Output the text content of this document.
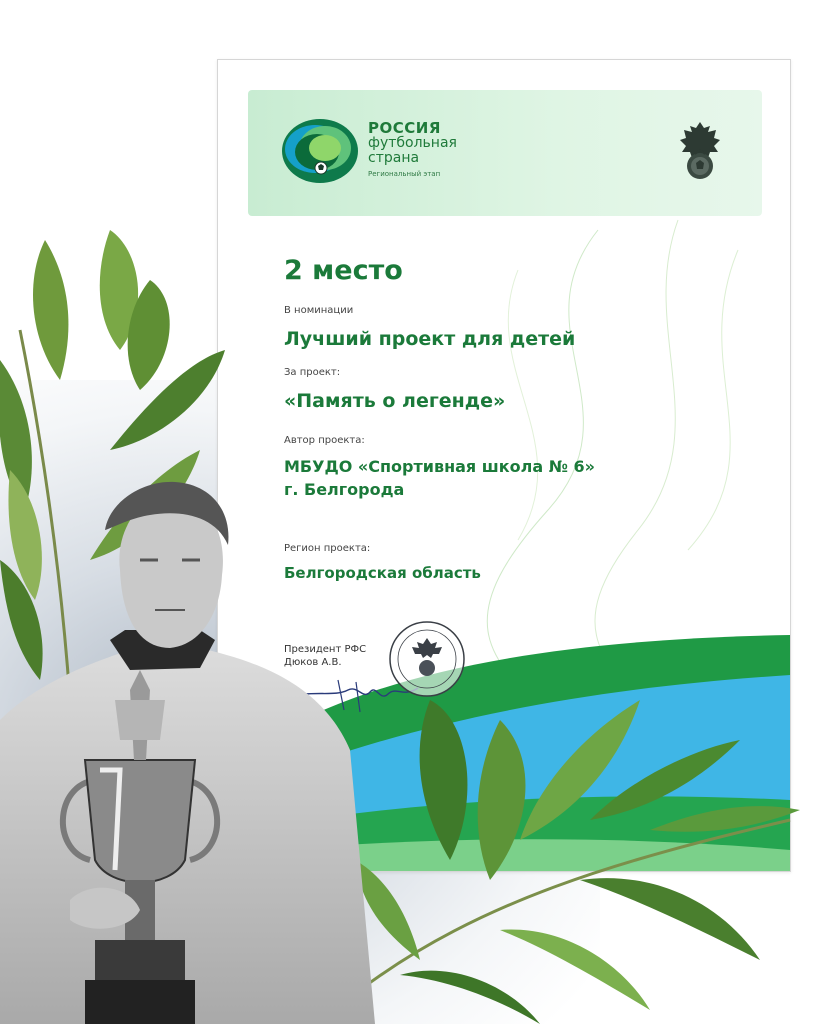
РОССИЯ
футбольная
страна
Региональный этап
2 место
В номинации
Лучший проект для детей
За проект:
«Память о легенде»
Автор проекта:
МБУДО «Спортивная школа № 6»
г. Белгорода
Регион проекта:
Белгородская область
Президент РФС
Дюков А.В.
